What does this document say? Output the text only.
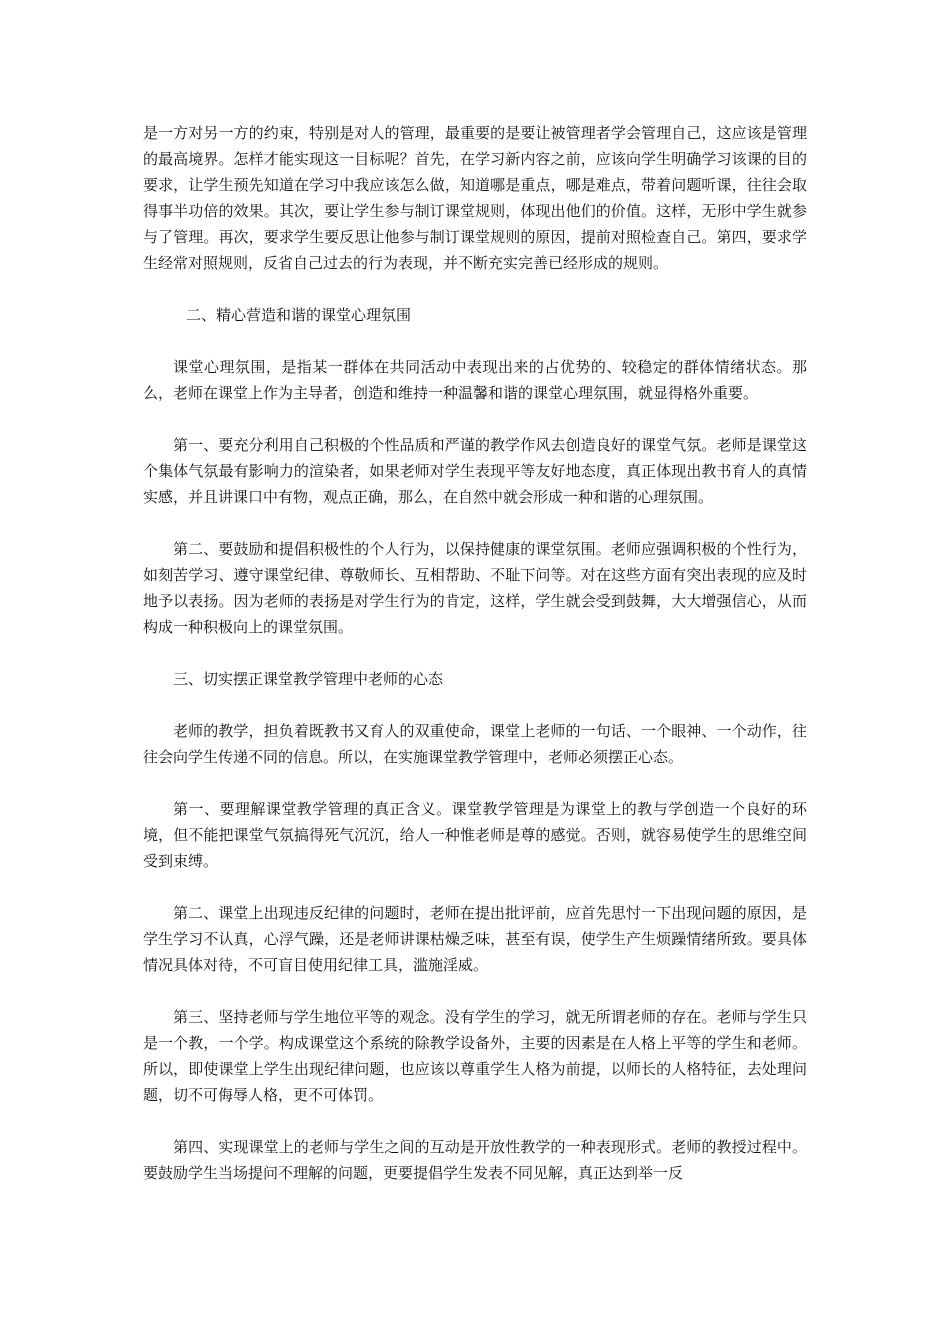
是一方对另一方的约束，特别是对人的管理，最重要的是要让被管理者学会管理自己，这应该是管理的最高境界。怎样才能实现这一目标呢？首先，在学习新内容之前，应该向学生明确学习该课的目的要求，让学生预先知道在学习中我应该怎么做，知道哪是重点，哪是难点，带着问题听课，往往会取得事半功倍的效果。其次，要让学生参与制订课堂规则，体现出他们的价值。这样，无形中学生就参与了管理。再次，要求学生要反思让他参与制订课堂规则的原因，提前对照检查自己。第四，要求学生经常对照规则，反省自己过去的行为表现，并不断充实完善已经形成的规则。

二、精心营造和谐的课堂心理氛围

课堂心理氛围，是指某一群体在共同活动中表现出来的占优势的、较稳定的群体情绪状态。那么，老师在课堂上作为主导者，创造和维持一种温馨和谐的课堂心理氛围，就显得格外重要。

第一、要充分利用自己积极的个性品质和严谨的教学作风去创造良好的课堂气氛。老师是课堂这个集体气氛最有影响力的渲染者，如果老师对学生表现平等友好地态度，真正体现出教书育人的真情实感，并且讲课口中有物，观点正确，那么，在自然中就会形成一种和谐的心理氛围。

第二、要鼓励和提倡积极性的个人行为，以保持健康的课堂氛围。老师应强调积极的个性行为，如刻苦学习、遵守课堂纪律、尊敬师长、互相帮助、不耻下问等。对在这些方面有突出表现的应及时地予以表扬。因为老师的表扬是对学生行为的肯定，这样，学生就会受到鼓舞，大大增强信心，从而构成一种积极向上的课堂氛围。

三、切实摆正课堂教学管理中老师的心态

老师的教学，担负着既教书又育人的双重使命，课堂上老师的一句话、一个眼神、一个动作，往往会向学生传递不同的信息。所以，在实施课堂教学管理中，老师必须摆正心态。

第一、要理解课堂教学管理的真正含义。课堂教学管理是为课堂上的教与学创造一个良好的环境，但不能把课堂气氛搞得死气沉沉，给人一种惟老师是尊的感觉。否则，就容易使学生的思维空间受到束缚。

第二、课堂上出现违反纪律的问题时，老师在提出批评前，应首先思忖一下出现问题的原因，是学生学习不认真，心浮气躁，还是老师讲课枯燥乏味，甚至有误，使学生产生烦躁情绪所致。要具体情况具体对待，不可盲目使用纪律工具，滥施淫威。

第三、坚持老师与学生地位平等的观念。没有学生的学习，就无所谓老师的存在。老师与学生只是一个教，一个学。构成课堂这个系统的除教学设备外，主要的因素是在人格上平等的学生和老师。所以，即使课堂上学生出现纪律问题，也应该以尊重学生人格为前提，以师长的人格特征，去处理问题，切不可侮辱人格，更不可体罚。

第四、实现课堂上的老师与学生之间的互动是开放性教学的一种表现形式。老师的教授过程中。要鼓励学生当场提问不理解的问题，更要提倡学生发表不同见解，真正达到举一反
